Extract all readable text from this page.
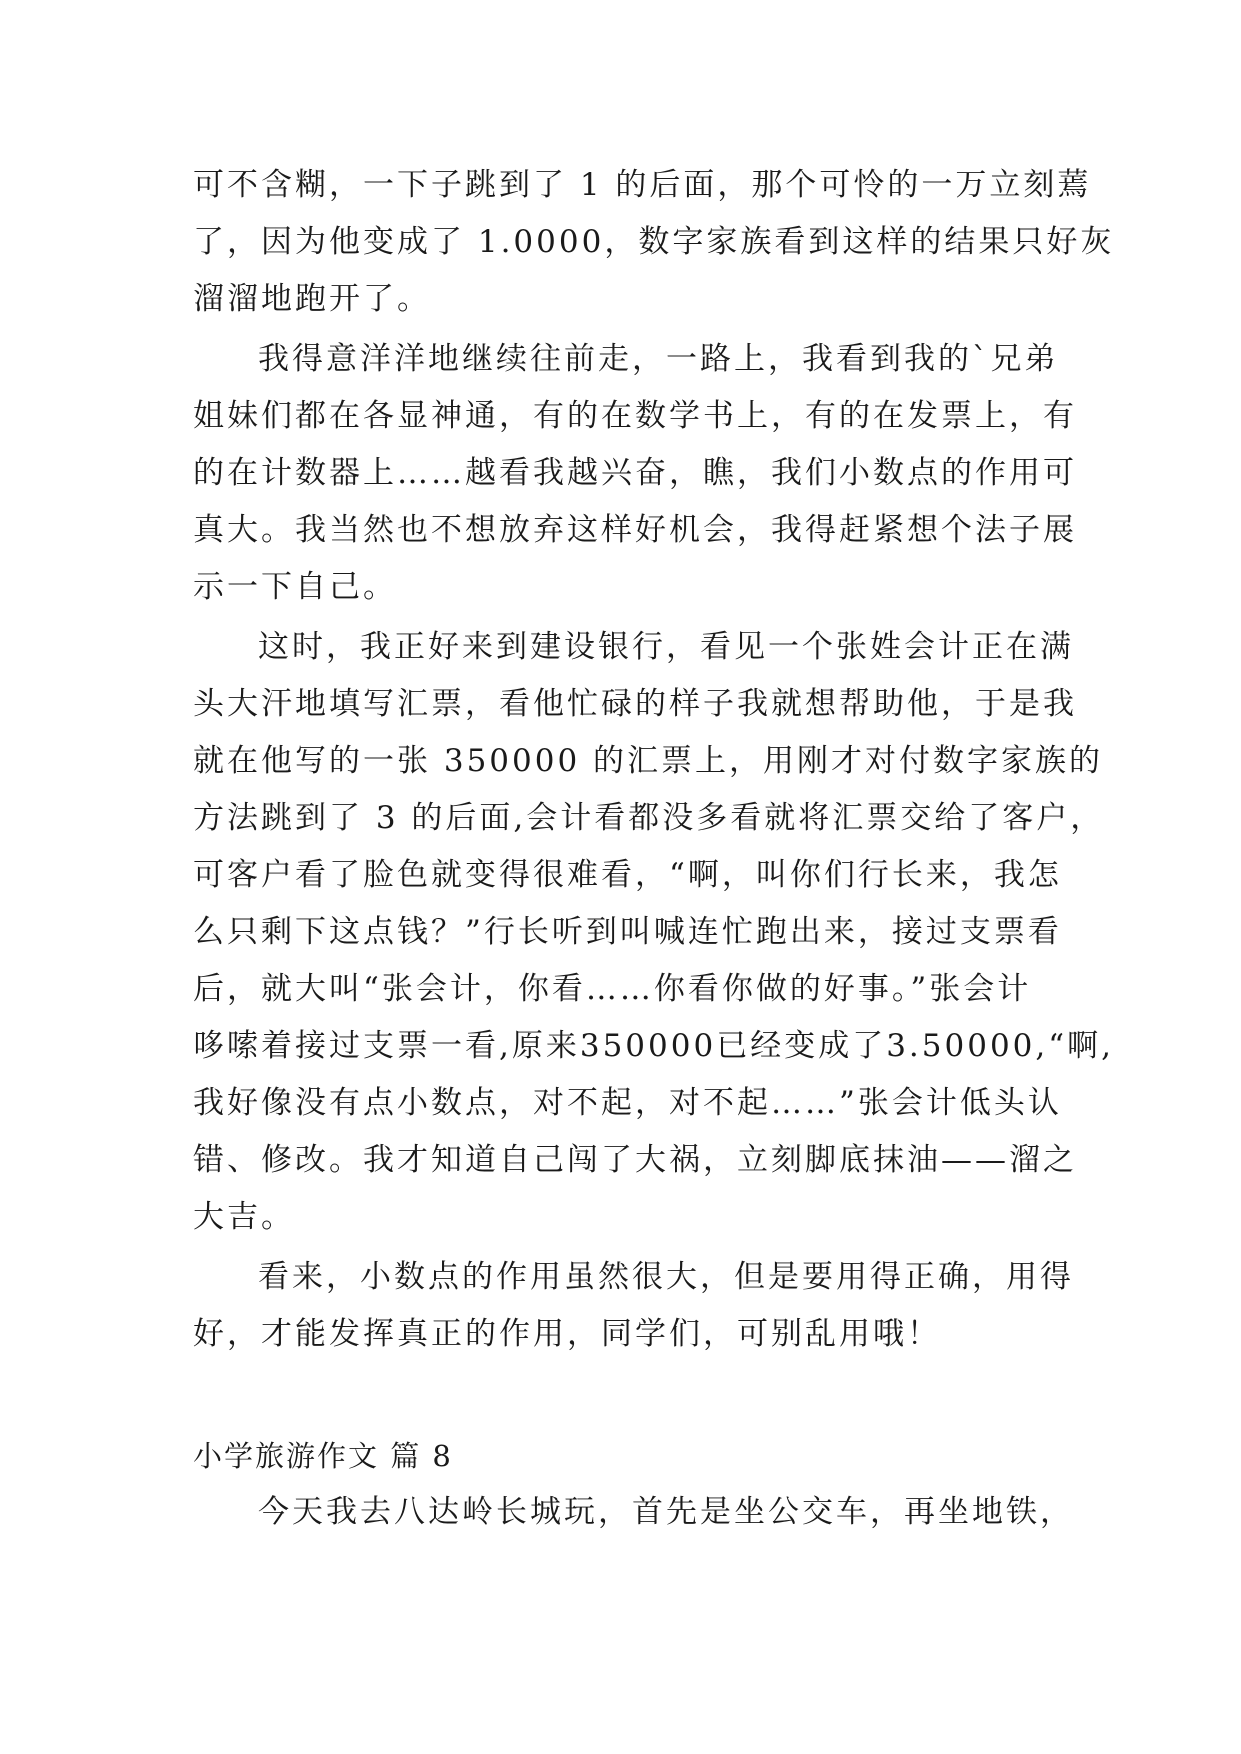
可不含糊，一下子跳到了 1 的后面，那个可怜的一万立刻蔫
了，因为他变成了 1.0000，数字家族看到这样的结果只好灰
溜溜地跑开了。
我得意洋洋地继续往前走，一路上，我看到我的`兄弟
姐妹们都在各显神通，有的在数学书上，有的在发票上，有
的在计数器上……越看我越兴奋，瞧，我们小数点的作用可
真大。我当然也不想放弃这样好机会，我得赶紧想个法子展
示一下自己。
这时，我正好来到建设银行，看见一个张姓会计正在满
头大汗地填写汇票，看他忙碌的样子我就想帮助他，于是我
就在他写的一张 350000 的汇票上，用刚才对付数字家族的
方法跳到了 3 的后面,会计看都没多看就将汇票交给了客户，
可客户看了脸色就变得很难看，“啊，叫你们行长来，我怎
么只剩下这点钱？”行长听到叫喊连忙跑出来，接过支票看
后，就大叫“张会计，你看……你看你做的好事。”张会计
哆嗦着接过支票一看,原来350000已经变成了3.50000,“啊,
我好像没有点小数点，对不起，对不起……”张会计低头认
错、修改。我才知道自己闯了大祸，立刻脚底抹油——溜之
大吉。
看来，小数点的作用虽然很大，但是要用得正确，用得
好，才能发挥真正的作用，同学们，可别乱用哦！
小学旅游作文 篇 8
今天我去八达岭长城玩，首先是坐公交车，再坐地铁，
